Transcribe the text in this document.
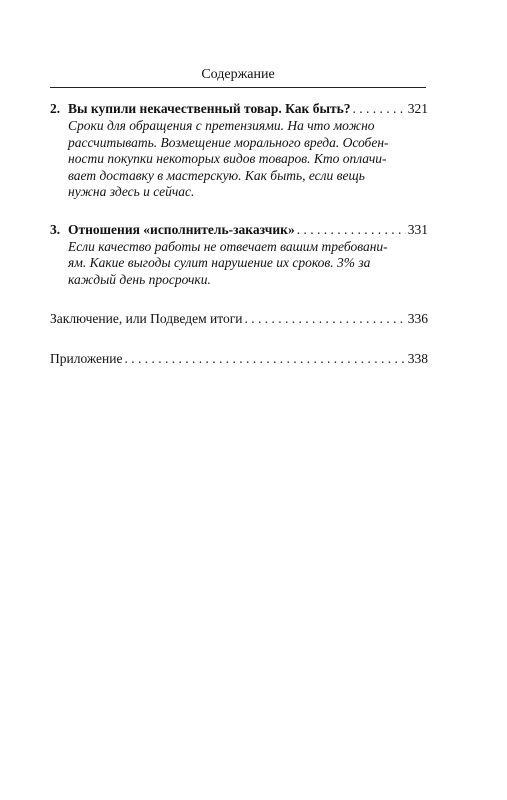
Содержание
2. Вы купили некачественный товар. Как быть? . . .	321
Сроки для обращения с претензиями. На что можно
рассчитывать. Возмещение морального вреда. Особен-
ности покупки некоторых видов товаров. Кто оплачи-
вает доставку в мастерскую. Как быть, если вещь
нужна здесь и сейчас.
3. Отношения «исполнитель-заказчик» . . .	331
Если качество работы не отвечает вашим требовани-
ям. Какие выгоды сулит нарушение их сроков. 3% за
каждый день просрочки.
Заключение, или Подведем итоги . . .	336
Приложение . . .	338
